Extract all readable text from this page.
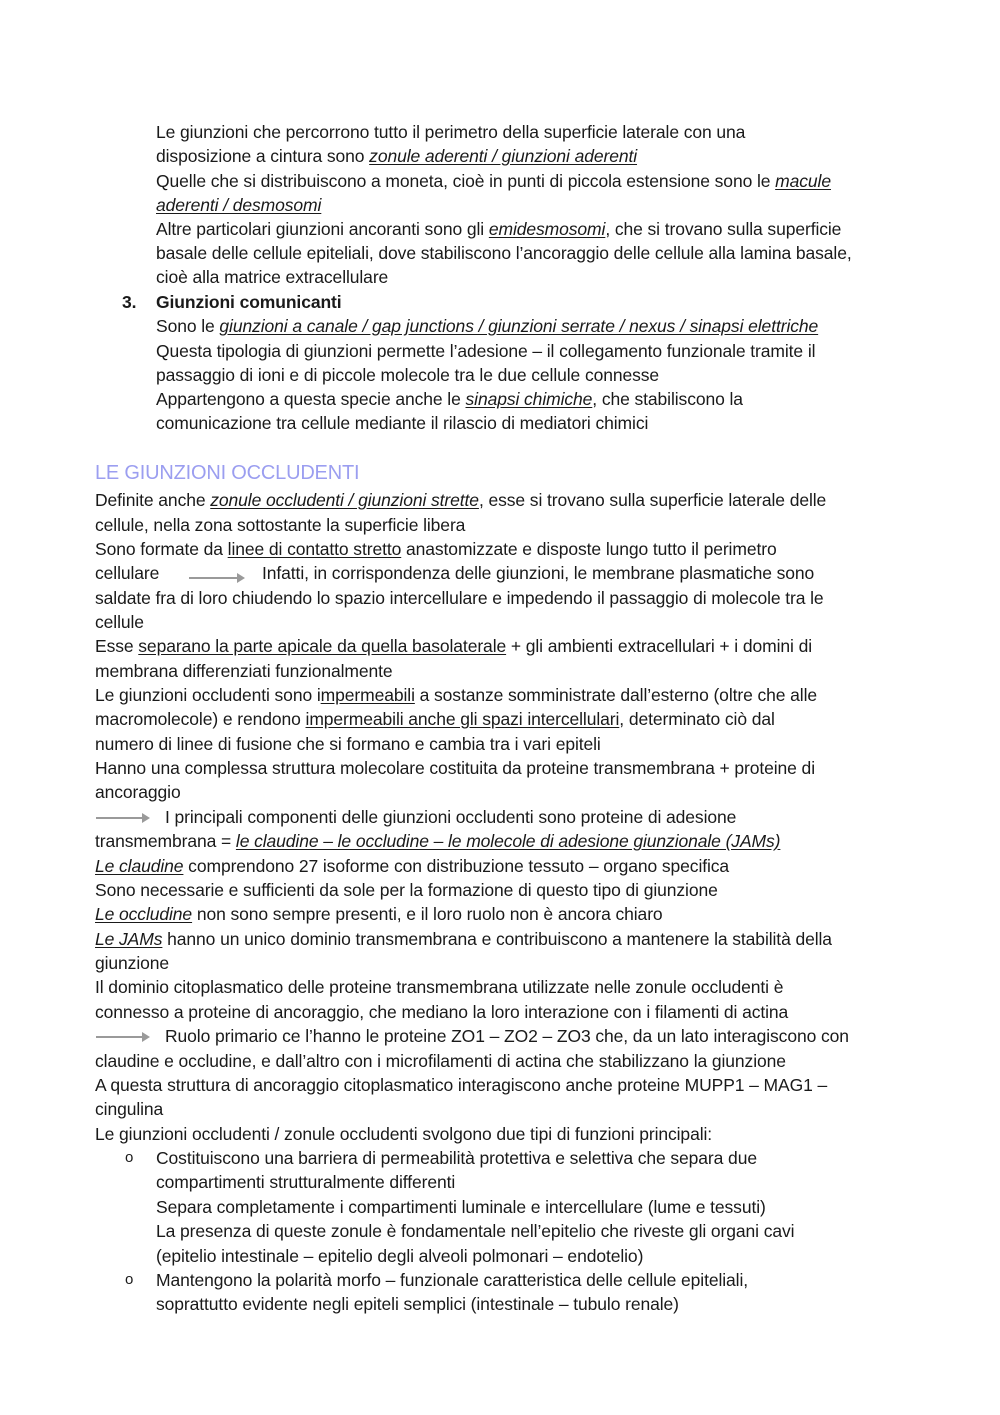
Le giunzioni che percorrono tutto il perimetro della superficie laterale con una
disposizione a cintura sono zonule aderenti / giunzioni aderenti
Quelle che si distribuiscono a moneta, cioè in punti di piccola estensione sono le macule
aderenti / desmosomi
Altre particolari giunzioni ancoranti sono gli emidesmosomi, che si trovano sulla superficie
basale delle cellule epiteliali, dove stabiliscono l’ancoraggio delle cellule alla lamina basale,
cioè alla matrice extracellulare
3. Giunzioni comunicanti
Sono le giunzioni a canale / gap junctions / giunzioni serrate / nexus / sinapsi elettriche
Questa tipologia di giunzioni permette l’adesione – il collegamento funzionale tramite il
passaggio di ioni e di piccole molecole tra le due cellule connesse
Appartengono a questa specie anche le sinapsi chimiche, che stabiliscono la
comunicazione tra cellule mediante il rilascio di mediatori chimici
LE GIUNZIONI OCCLUDENTI
Definite anche zonule occludenti / giunzioni strette, esse si trovano sulla superficie laterale delle
cellule, nella zona sottostante la superficie libera
Sono formate da linee di contatto stretto anastomizzate e disposte lungo tutto il perimetro
cellulare	Infatti, in corrispondenza delle giunzioni, le membrane plasmatiche sono
saldate fra di loro chiudendo lo spazio intercellulare e impedendo il passaggio di molecole tra le
cellule
Esse separano la parte apicale da quella basolaterale + gli ambienti extracellulari + i domini di
membrana differenziati funzionalmente
Le giunzioni occludenti sono impermeabili a sostanze somministrate dall’esterno (oltre che alle
macromolecole) e rendono impermeabili anche gli spazi intercellulari, determinato ciò dal
numero di linee di fusione che si formano e cambia tra i vari epiteli
Hanno una complessa struttura molecolare costituita da proteine transmembrana + proteine di
ancoraggio
I principali componenti delle giunzioni occludenti sono proteine di adesione
transmembrana = le claudine – le occludine – le molecole di adesione giunzionale (JAMs)
Le claudine comprendono 27 isoforme con distribuzione tessuto – organo specifica
Sono necessarie e sufficienti da sole per la formazione di questo tipo di giunzione
Le occludine non sono sempre presenti, e il loro ruolo non è ancora chiaro
Le JAMs hanno un unico dominio transmembrana e contribuiscono a mantenere la stabilità della
giunzione
Il dominio citoplasmatico delle proteine transmembrana utilizzate nelle zonule occludenti è
connesso a proteine di ancoraggio, che mediano la loro interazione con i filamenti di actina
Ruolo primario ce l’hanno le proteine ZO1 – ZO2 – ZO3 che, da un lato interagiscono con
claudine e occludine, e dall’altro con i microfilamenti di actina che stabilizzano la giunzione
A questa struttura di ancoraggio citoplasmatico interagiscono anche proteine MUPP1 – MAG1 –
cingulina
Le giunzioni occludenti / zonule occludenti svolgono due tipi di funzioni principali:
o Costituiscono una barriera di permeabilità protettiva e selettiva che separa due
compartimenti strutturalmente differenti
Separa completamente i compartimenti luminale e intercellulare (lume e tessuti)
La presenza di queste zonule è fondamentale nell’epitelio che riveste gli organi cavi
(epitelio intestinale – epitelio degli alveoli polmonari – endotelio)
o Mantengono la polarità morfo – funzionale caratteristica delle cellule epiteliali,
soprattutto evidente negli epiteli semplici (intestinale – tubulo renale)
